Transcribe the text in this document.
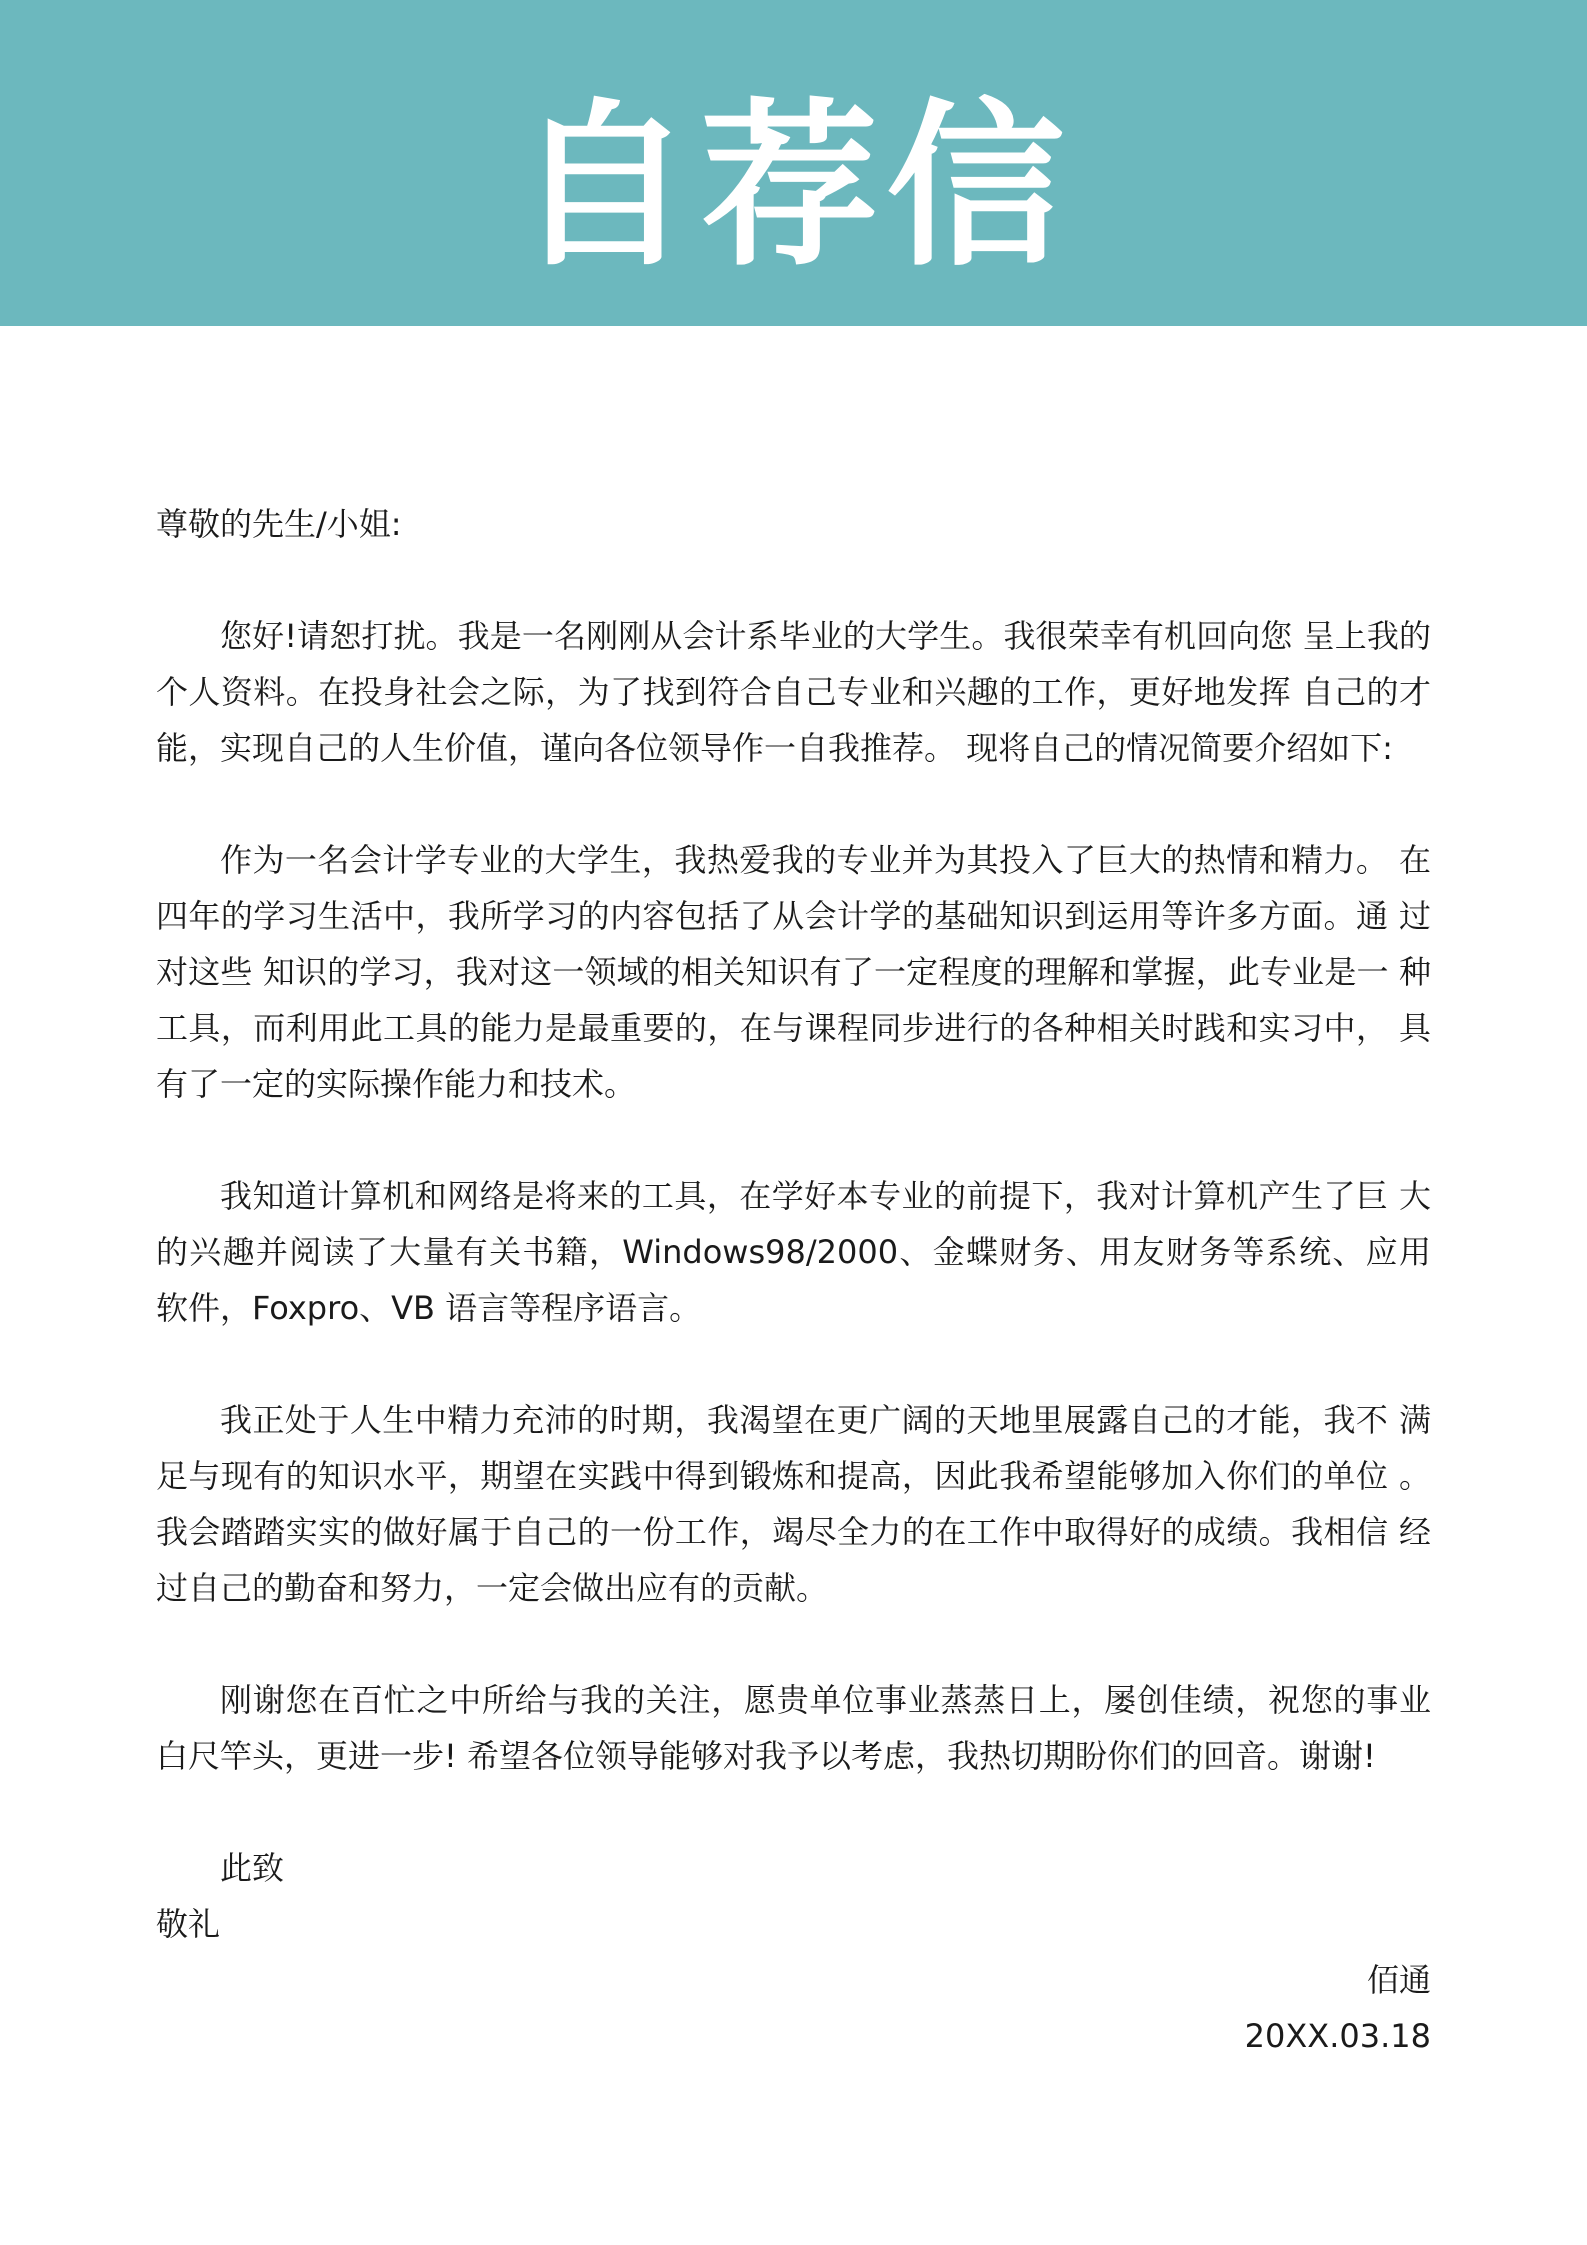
自荐信

尊敬的先生/小姐:

您好!请恕打扰。我是一名刚刚从会计系毕业的大学生。我很荣幸有机回向您 呈上我的个人资料。在投身社会之际，为了找到符合自己专业和兴趣的工作，更好地发挥 自己的才能，实现自己的人生价值，谨向各位领导作一自我推荐。 现将自己的情况简要介绍如下:

作为一名会计学专业的大学生，我热爱我的专业并为其投入了巨大的热情和精力。 在四年的学习生活中，我所学习的内容包括了从会计学的基础知识到运用等许多方面。通 过对这些 知识的学习，我对这一领域的相关知识有了一定程度的理解和掌握，此专业是一 种工具，而利用此工具的能力是最重要的，在与课程同步进行的各种相关时践和实习中， 具有了一定的实际操作能力和技术。

我知道计算机和网络是将来的工具，在学好本专业的前提下，我对计算机产生了巨 大的兴趣并阅读了大量有关书籍，Windows98/2000、金蝶财务、用友财务等系统、应用 软件，Foxpro、VB 语言等程序语言。

我正处于人生中精力充沛的时期，我渴望在更广阔的天地里展露自己的才能，我不 满足与现有的知识水平，期望在实践中得到锻炼和提高，因此我希望能够加入你们的单位 。我会踏踏实实的做好属于自己的一份工作，竭尽全力的在工作中取得好的成绩。我相信 经过自己的勤奋和努力，一定会做出应有的贡献。

刚谢您在百忙之中所给与我的关注，愿贵单位事业蒸蒸日上，屡创佳绩，祝您的事业 白尺竿头，更进一步! 希望各位领导能够对我予以考虑，我热切期盼你们的回音。谢谢!

此致

敬礼

佰通

20XX.03.18
